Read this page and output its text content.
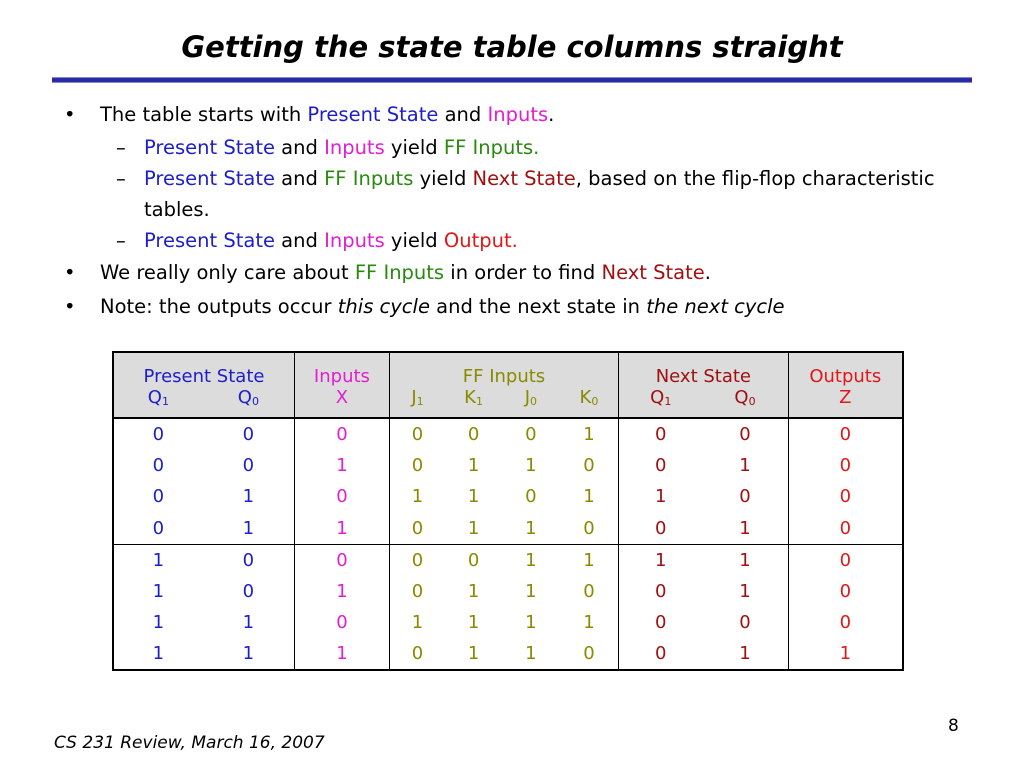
Getting the state table columns straight
• The table starts with Present State and Inputs.
– Present State and Inputs yield FF Inputs.
– Present State and FF Inputs yield Next State, based on the flip-flop characteristic tables.
– Present State and Inputs yield Output.
• We really only care about FF Inputs in order to find Next State.
• Note: the outputs occur this cycle and the next state in the next cycle
Present State		Inputs	FF Inputs				Next State		Outputs
$Q_1$	$Q_0$	X	$J_1$	$K_1$	$J_0$	$K_0$	$Q_1$	$Q_0$	Z
0	0	0	0	0	0	1	0	0	0
0	0	1	0	1	1	0	0	1	0
0	1	0	1	1	0	1	1	0	0
0	1	1	0	1	1	0	0	1	0
1	0	0	0	0	1	1	1	1	0
1	0	1	0	1	1	0	0	1	0
1	1	0	1	1	1	1	0	0	0
1	1	1	0	1	1	0	0	1	1
CS 231 Review, March 16, 2007
8
